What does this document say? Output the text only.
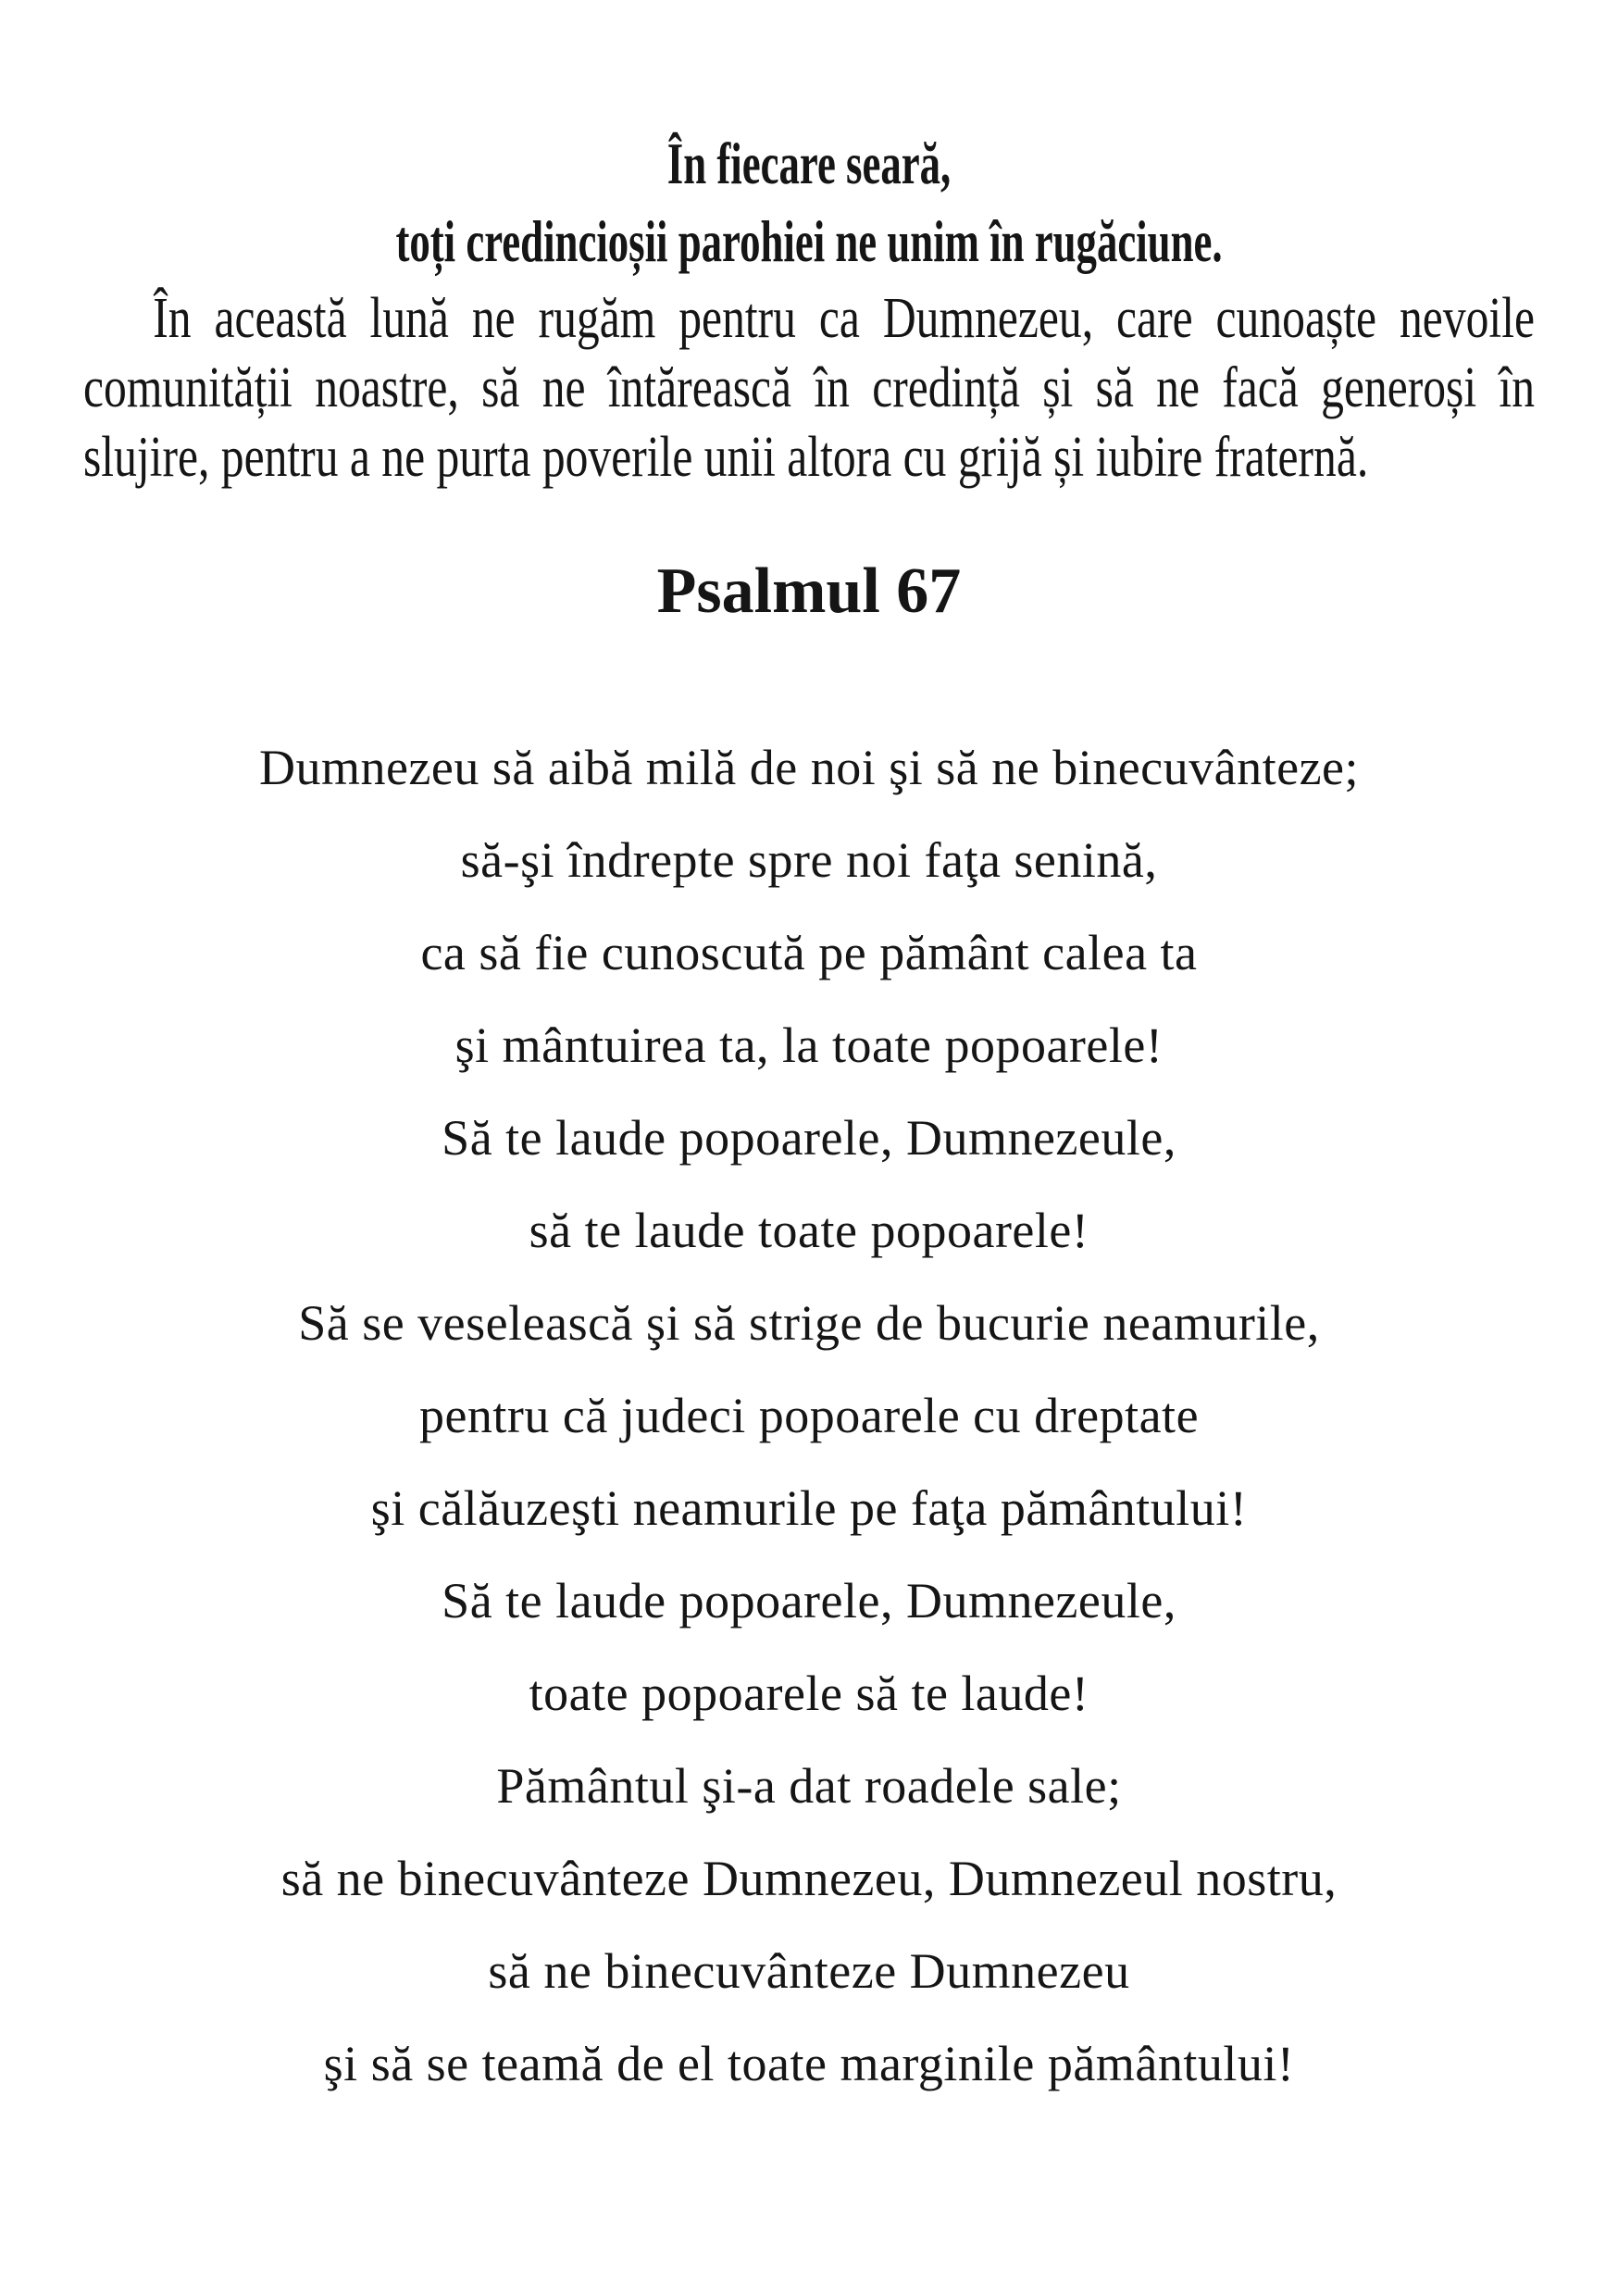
În fiecare seară,
toți credincioșii parohiei ne unim în rugăciune.

În această lună ne rugăm pentru ca Dumnezeu, care cunoaște nevoile comunității noastre, să ne întărească în credință și să ne facă generoși în slujire, pentru a ne purta poverile unii altora cu grijă și iubire fraternă.

Psalmul 67
Dumnezeu să aibă milă de noi şi să ne binecuvânteze;
să-şi îndrepte spre noi faţa senină,
ca să fie cunoscută pe pământ calea ta
şi mântuirea ta, la toate popoarele!
Să te laude popoarele, Dumnezeule,
să te laude toate popoarele!
Să se veselească şi să strige de bucurie neamurile,
pentru că judeci popoarele cu dreptate
şi călăuzeşti neamurile pe faţa pământului!
Să te laude popoarele, Dumnezeule,
toate popoarele să te laude!
Pământul şi-a dat roadele sale;
să ne binecuvânteze Dumnezeu, Dumnezeul nostru,
să ne binecuvânteze Dumnezeu
şi să se teamă de el toate marginile pământului!
